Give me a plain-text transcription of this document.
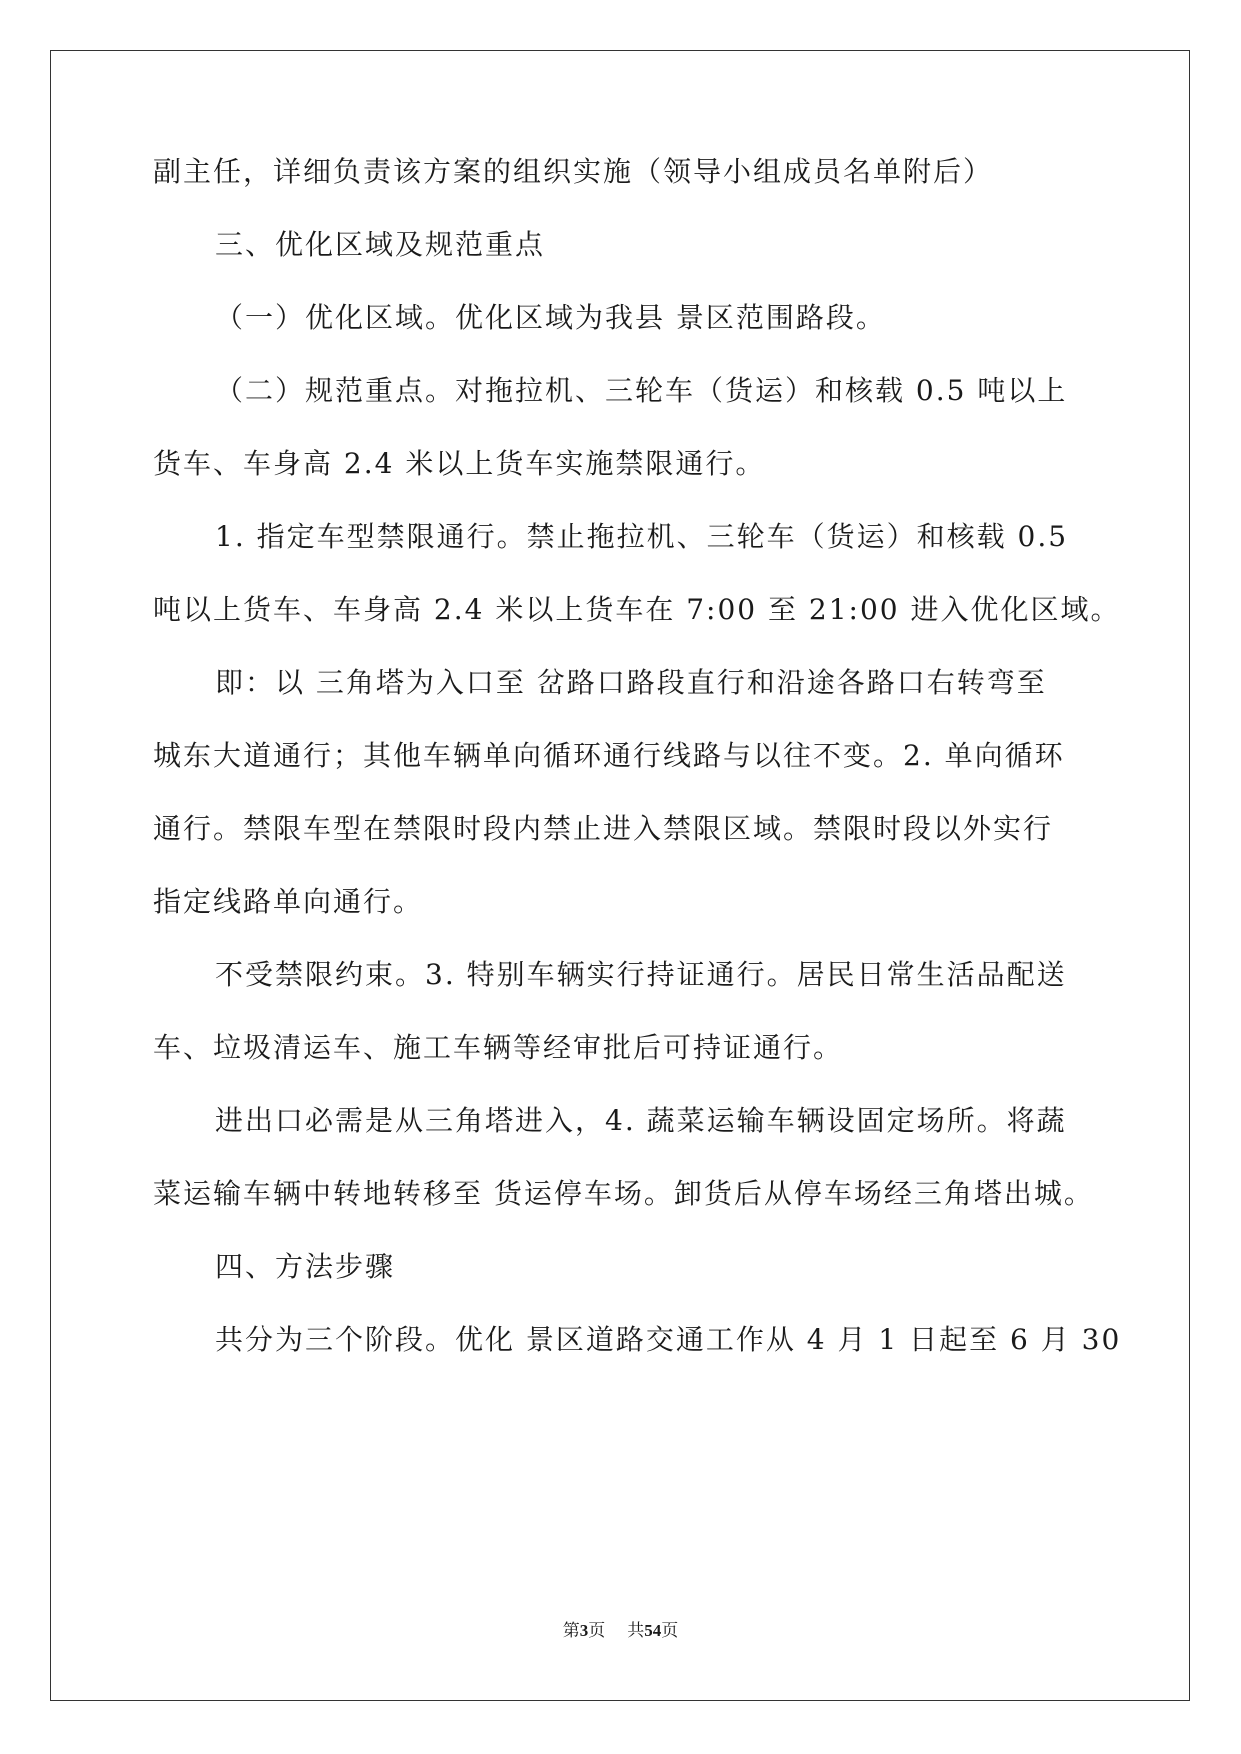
副主任，详细负责该方案的组织实施（领导小组成员名单附后）
三、优化区域及规范重点
（一）优化区域。优化区域为我县 景区范围路段。
（二）规范重点。对拖拉机、三轮车（货运）和核载 0.5 吨以上
货车、车身高 2.4 米以上货车实施禁限通行。
1. 指定车型禁限通行。禁止拖拉机、三轮车（货运）和核载 0.5
吨以上货车、车身高 2.4 米以上货车在 7:00 至 21:00 进入优化区域。
即：以 三角塔为入口至 岔路口路段直行和沿途各路口右转弯至
城东大道通行；其他车辆单向循环通行线路与以往不变。2. 单向循环
通行。禁限车型在禁限时段内禁止进入禁限区域。禁限时段以外实行
指定线路单向通行。
不受禁限约束。3. 特别车辆实行持证通行。居民日常生活品配送
车、垃圾清运车、施工车辆等经审批后可持证通行。
进出口必需是从三角塔进入，4. 蔬菜运输车辆设固定场所。将蔬
菜运输车辆中转地转移至 货运停车场。卸货后从停车场经三角塔出城。
四、方法步骤
共分为三个阶段。优化 景区道路交通工作从 4 月 1 日起至 6 月 30
第3页 共54页
